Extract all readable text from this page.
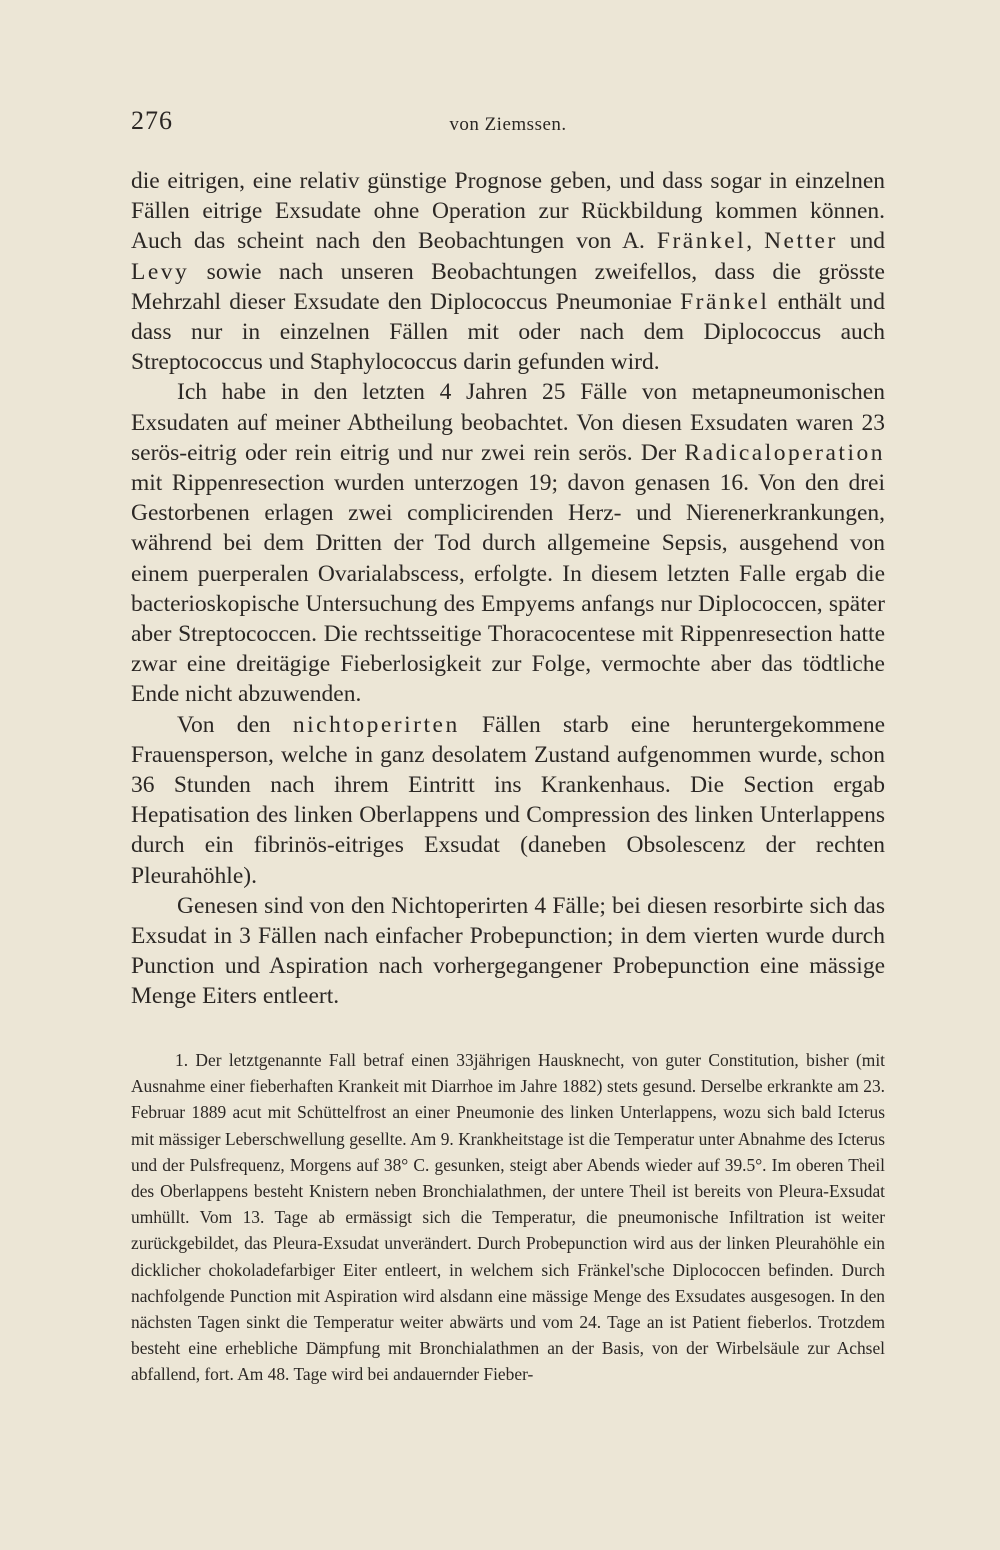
276	von Ziemssen.

die eitrigen, eine relativ günstige Prognose geben, und dass sogar in einzelnen Fällen eitrige Exsudate ohne Operation zur Rückbildung kommen können. Auch das scheint nach den Beobachtungen von A. Fränkel, Netter und Levy sowie nach unseren Beobachtungen zweifellos, dass die grösste Mehrzahl dieser Exsudate den Diplococcus Pneumoniae Fränkel enthält und dass nur in einzelnen Fällen mit oder nach dem Diplococcus auch Streptococcus und Staphylococcus darin gefunden wird.

Ich habe in den letzten 4 Jahren 25 Fälle von metapneumonischen Exsudaten auf meiner Abtheilung beobachtet. Von diesen Exsudaten waren 23 serös-eitrig oder rein eitrig und nur zwei rein serös. Der Radicaloperation mit Rippenresection wurden unterzogen 19; davon genasen 16. Von den drei Gestorbenen erlagen zwei complicirenden Herz- und Nierenerkrankungen, während bei dem Dritten der Tod durch allgemeine Sepsis, ausgehend von einem puerperalen Ovarialabscess, erfolgte. In diesem letzten Falle ergab die bacterioskopische Untersuchung des Empyems anfangs nur Diplococcen, später aber Streptococcen. Die rechtsseitige Thoracocentese mit Rippenresection hatte zwar eine dreitägige Fieberlosigkeit zur Folge, vermochte aber das tödtliche Ende nicht abzuwenden.

Von den nichtoperirten Fällen starb eine heruntergekommene Frauensperson, welche in ganz desolatem Zustand aufgenommen wurde, schon 36 Stunden nach ihrem Eintritt ins Krankenhaus. Die Section ergab Hepatisation des linken Oberlappens und Compression des linken Unterlappens durch ein fibrinös-eitriges Exsudat (daneben Obsolescenz der rechten Pleurahöhle).

Genesen sind von den Nichtoperirten 4 Fälle; bei diesen resorbirte sich das Exsudat in 3 Fällen nach einfacher Probepunction; in dem vierten wurde durch Punction und Aspiration nach vorhergegangener Probepunction eine mässige Menge Eiters entleert.

1. Der letztgenannte Fall betraf einen 33jährigen Hausknecht, von guter Constitution, bisher (mit Ausnahme einer fieberhaften Krankeit mit Diarrhoe im Jahre 1882) stets gesund. Derselbe erkrankte am 23. Februar 1889 acut mit Schüttelfrost an einer Pneumonie des linken Unterlappens, wozu sich bald Icterus mit mässiger Leberschwellung gesellte. Am 9. Krankheitstage ist die Temperatur unter Abnahme des Icterus und der Pulsfrequenz, Morgens auf 38° C. gesunken, steigt aber Abends wieder auf 39.5°. Im oberen Theil des Oberlappens besteht Knistern neben Bronchialathmen, der untere Theil ist bereits von Pleura-Exsudat umhüllt. Vom 13. Tage ab ermässigt sich die Temperatur, die pneumonische Infiltration ist weiter zurückgebildet, das Pleura-Exsudat unverändert. Durch Probepunction wird aus der linken Pleurahöhle ein dicklicher chokoladefarbiger Eiter entleert, in welchem sich Fränkel'sche Diplococcen befinden. Durch nachfolgende Punction mit Aspiration wird alsdann eine mässige Menge des Exsudates ausgesogen. In den nächsten Tagen sinkt die Temperatur weiter abwärts und vom 24. Tage an ist Patient fieberlos. Trotzdem besteht eine erhebliche Dämpfung mit Bronchialathmen an der Basis, von der Wirbelsäule zur Achsel abfallend, fort. Am 48. Tage wird bei andauernder Fieber-
